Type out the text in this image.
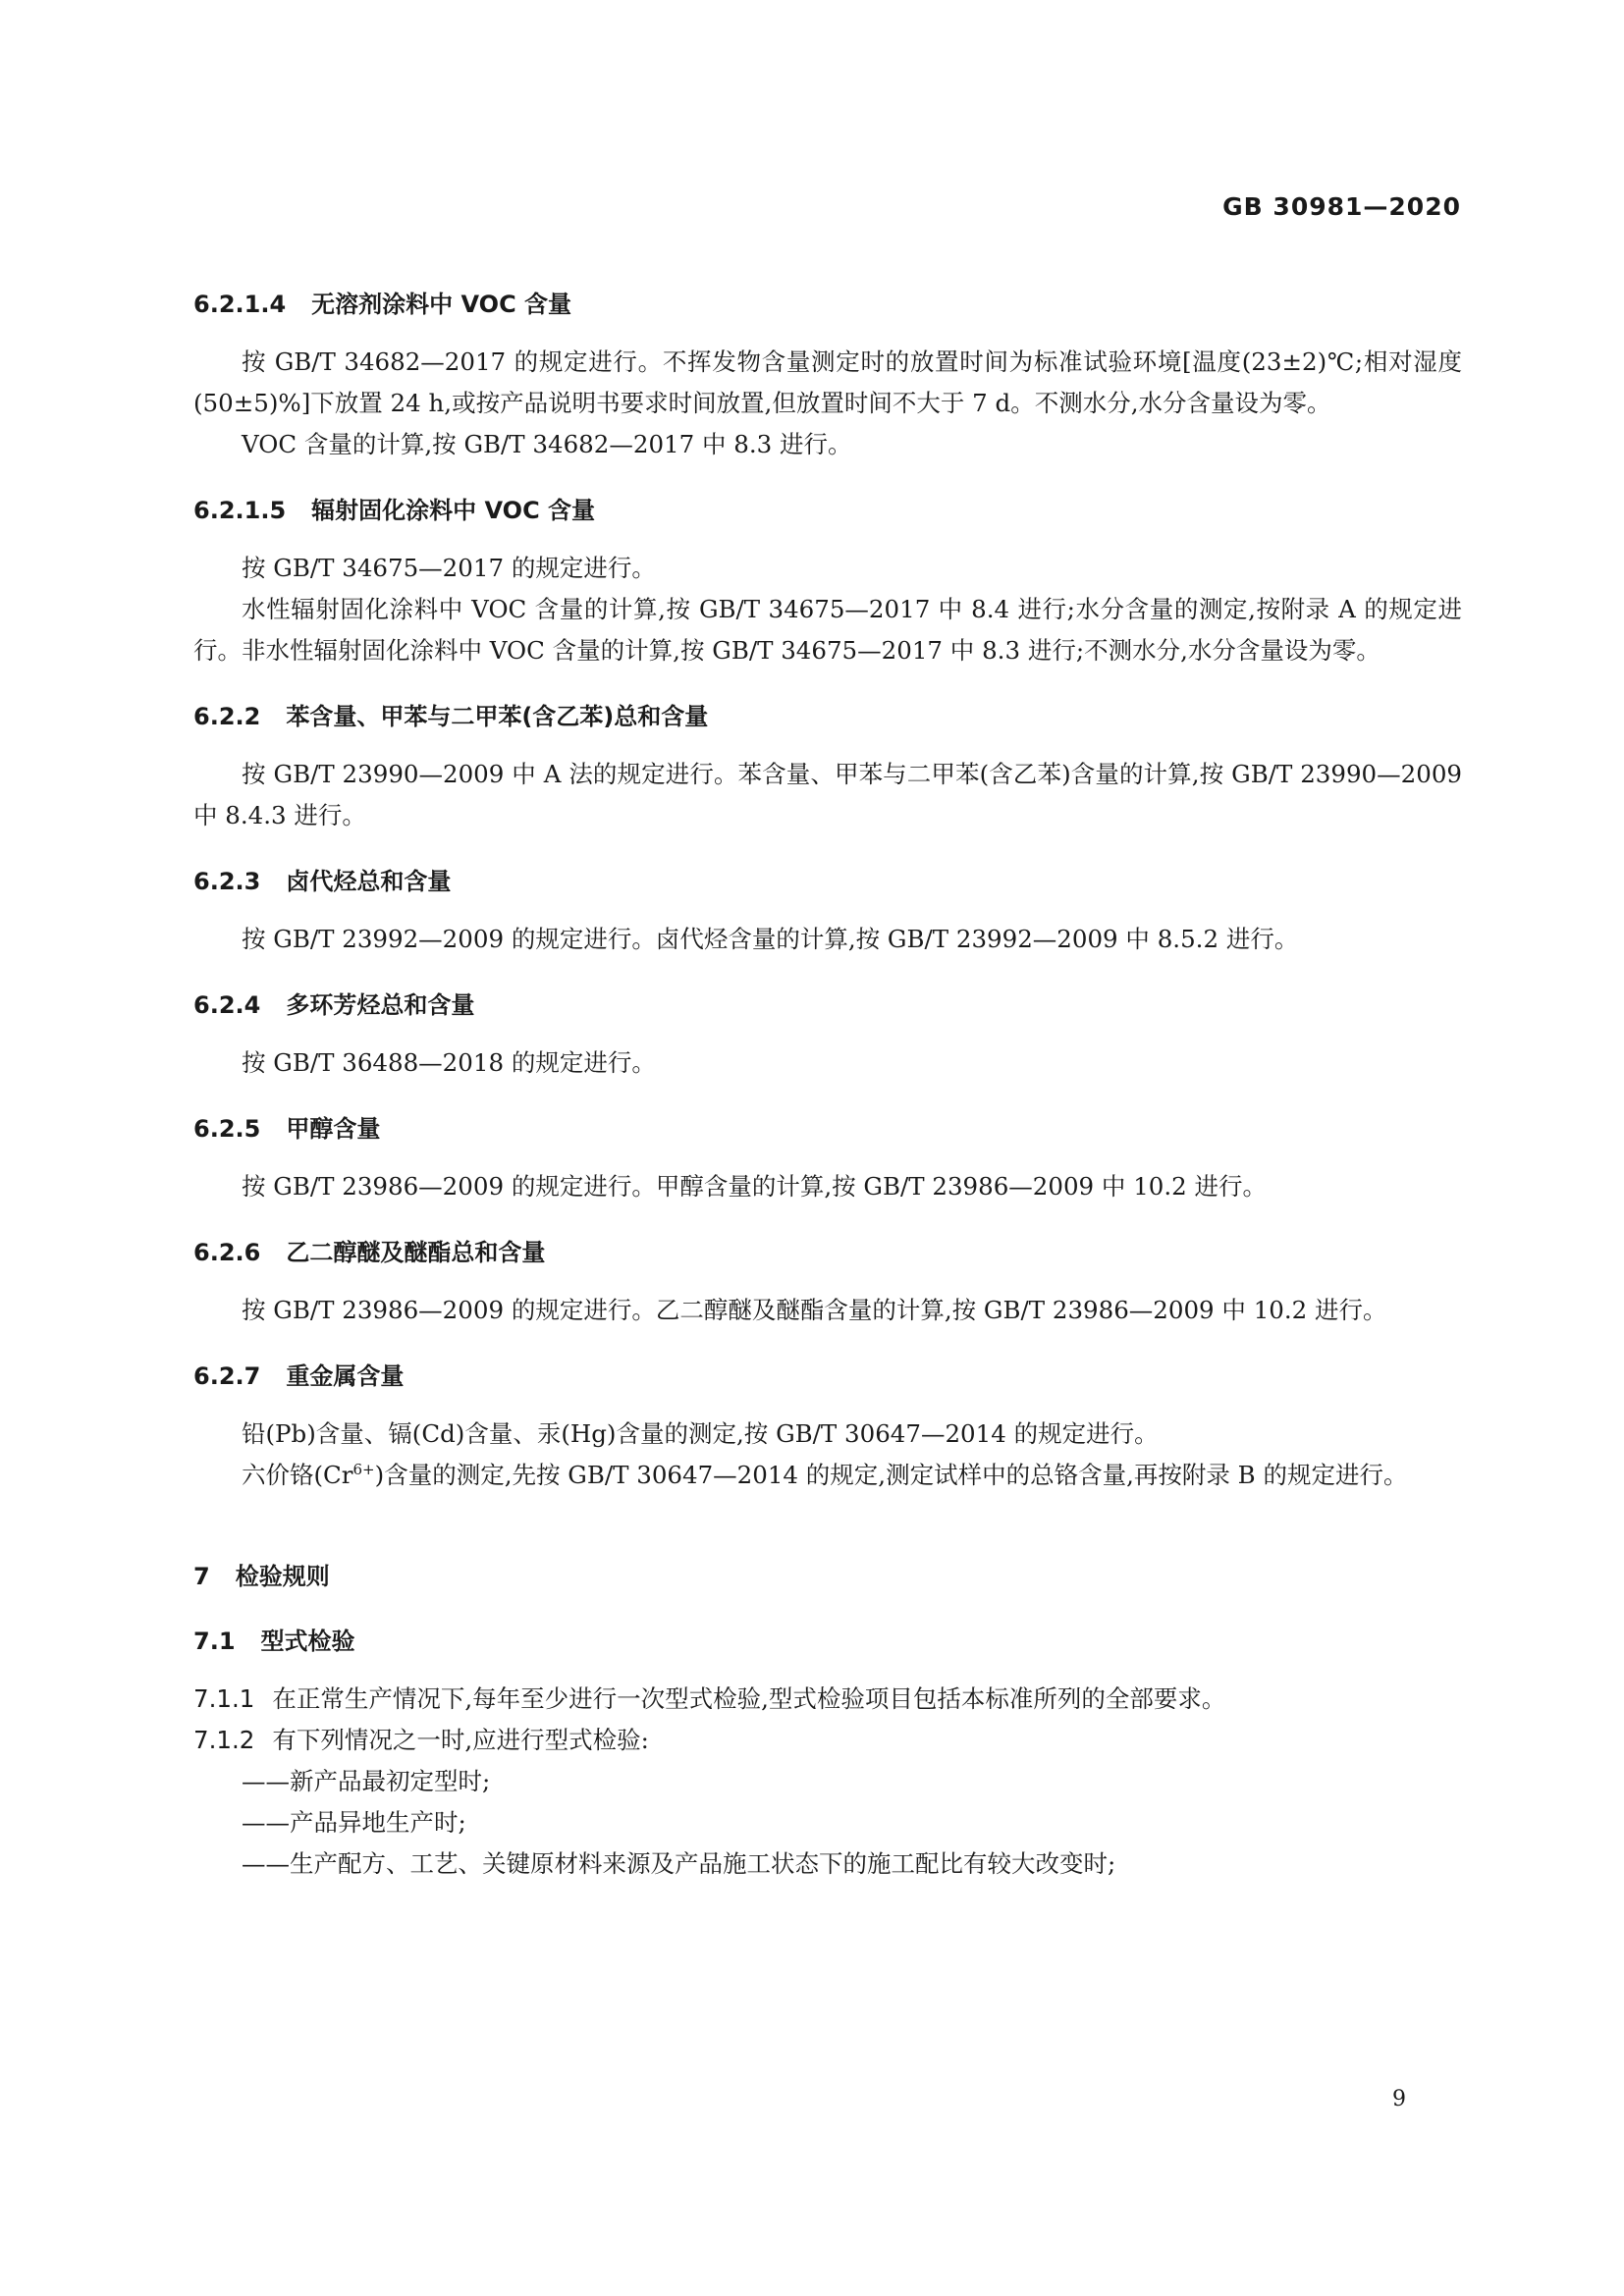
GB 30981—2020
6.2.1.4 无溶剂涂料中 VOC 含量

按 GB/T 34682—2017 的规定进行。不挥发物含量测定时的放置时间为标准试验环境[温度(23±2)℃;相对湿度(50±5)%]下放置 24 h,或按产品说明书要求时间放置,但放置时间不大于 7 d。不测水分,水分含量设为零。

VOC 含量的计算,按 GB/T 34682—2017 中 8.3 进行。

6.2.1.5 辐射固化涂料中 VOC 含量

按 GB/T 34675—2017 的规定进行。

水性辐射固化涂料中 VOC 含量的计算,按 GB/T 34675—2017 中 8.4 进行;水分含量的测定,按附录 A 的规定进行。非水性辐射固化涂料中 VOC 含量的计算,按 GB/T 34675—2017 中 8.3 进行;不测水分,水分含量设为零。

6.2.2 苯含量、甲苯与二甲苯(含乙苯)总和含量

按 GB/T 23990—2009 中 A 法的规定进行。苯含量、甲苯与二甲苯(含乙苯)含量的计算,按 GB/T 23990—2009 中 8.4.3 进行。

6.2.3 卤代烃总和含量

按 GB/T 23992—2009 的规定进行。卤代烃含量的计算,按 GB/T 23992—2009 中 8.5.2 进行。

6.2.4 多环芳烃总和含量

按 GB/T 36488—2018 的规定进行。

6.2.5 甲醇含量

按 GB/T 23986—2009 的规定进行。甲醇含量的计算,按 GB/T 23986—2009 中 10.2 进行。

6.2.6 乙二醇醚及醚酯总和含量

按 GB/T 23986—2009 的规定进行。乙二醇醚及醚酯含量的计算,按 GB/T 23986—2009 中 10.2 进行。

6.2.7 重金属含量

铅(Pb)含量、镉(Cd)含量、汞(Hg)含量的测定,按 GB/T 30647—2014 的规定进行。

六价铬$(Cr^{6+})$含量的测定,先按 GB/T 30647—2014 的规定,测定试样中的总铬含量,再按附录 B 的规定进行。

7 检验规则
7.1 型式检验

7.1.1 在正常生产情况下,每年至少进行一次型式检验,型式检验项目包括本标准所列的全部要求。

7.1.2 有下列情况之一时,应进行型式检验:

——新产品最初定型时;

——产品异地生产时;

——生产配方、工艺、关键原材料来源及产品施工状态下的施工配比有较大改变时;

9
